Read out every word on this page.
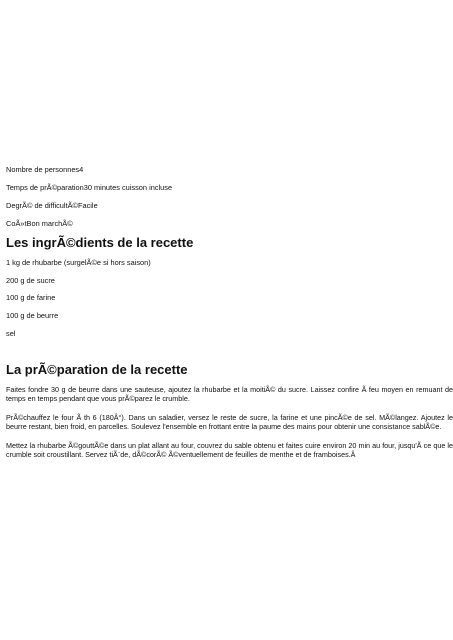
Nombre de personnes4
Temps de prÃ©paration30 minutes cuisson incluse
DegrÃ© de difficultÃ©Facile
CoÃ»tBon marchÃ©
Les ingrÃ©dients de la recette
1 kg de rhubarbe (surgelÃ©e si hors saison)
200 g de sucre
100 g de farine
100 g de beurre
sel
La prÃ©paration de la recette
Faites fondre 30 g de beurre dans une sauteuse, ajoutez la rhubarbe et la moitiÃ© du sucre. Laissez confire Ã feu moyen en remuant de temps en temps pendant que vous prÃ©parez le crumble.
PrÃ©chauffez le four Ã th 6 (180Â°). Dans un saladier, versez le reste de sucre, la farine et une pincÃ©e de sel. MÃ©langez. Ajoutez le beurre restant, bien froid, en parcelles. Soulevez l'ensemble en frottant entre la paume des mains pour obtenir une consistance sablÃ©e.
Mettez la rhubarbe Ã©gouttÃ©e dans un plat allant au four, couvrez du sable obtenu et faites cuire environ 20 min au four, jusqu'Ã ce que le crumble soit croustillant. Servez tiÃ¨de, dÃ©corÃ© Ã©ventuellement de feuilles de menthe et de framboises.Â
